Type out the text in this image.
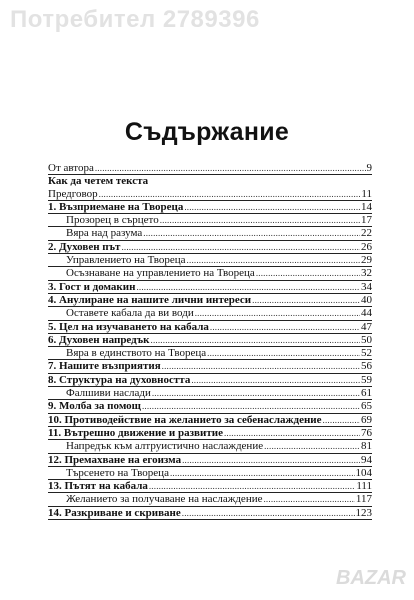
Потребител 2789396
Съдържание
От автора .....	9
Как да четем текста
Предговор .....	11
1. Възприемане на Твореца .....	14
Прозорец в сърцето .....	17
Вяра над разума .....	22
2. Духовен път .....	26
Управлението на Твореца .....	29
Осъзнаване на управлението на Твореца .....	32
3. Гост и домакин .....	34
4. Анулиране на нашите лични интереси .....	40
Оставете кабала да ви води .....	44
5. Цел на изучаването на кабала .....	47
6. Духовен напредък .....	50
Вяра в единството на Твореца .....	52
7. Нашите възприятия .....	56
8. Структура на духовността .....	59
Фалшиви наслади .....	61
9. Молба за помощ .....	65
10. Противодействие на желанието за себенаслаждение .....	69
11. Вътрешно движение и развитие .....	76
Напредък към алтруистично наслаждение .....	81
12. Премахване на егоизма .....	94
Търсенето на Твореца .....	104
13. Пътят на кабала .....	111
Желанието за получаване на наслаждение .....	117
14. Разкриване и скриване .....	123
BAZAR
